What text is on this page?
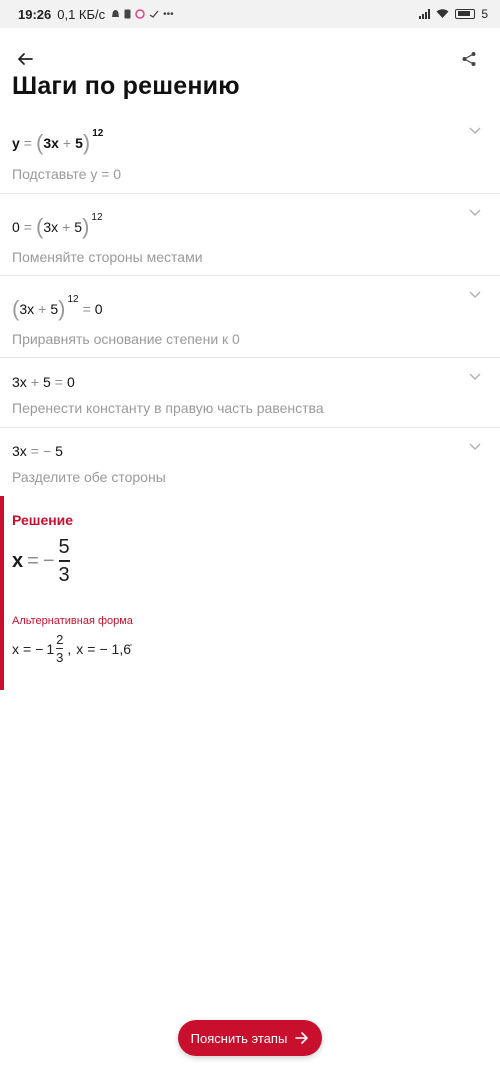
19:26 0,1 КБ/с	•••	5
Шаги по решению
y = ( 3x + 5 ) 12
Подставьте y = 0
0 = ( 3x + 5 ) 12
Поменяйте стороны местами
( 3x + 5 ) 12
= 0
Приравнять основание степени к 0
3x + 5 = 0
Перенести константу в правую часть равенства
3x = − 5
Разделите обе стороны
Решение
x = − $\frac{5}{3}$
Альтернативная форма
x = − $1 \frac{2}{3}$ , x = − 1,6̇
Пояснить этапы
